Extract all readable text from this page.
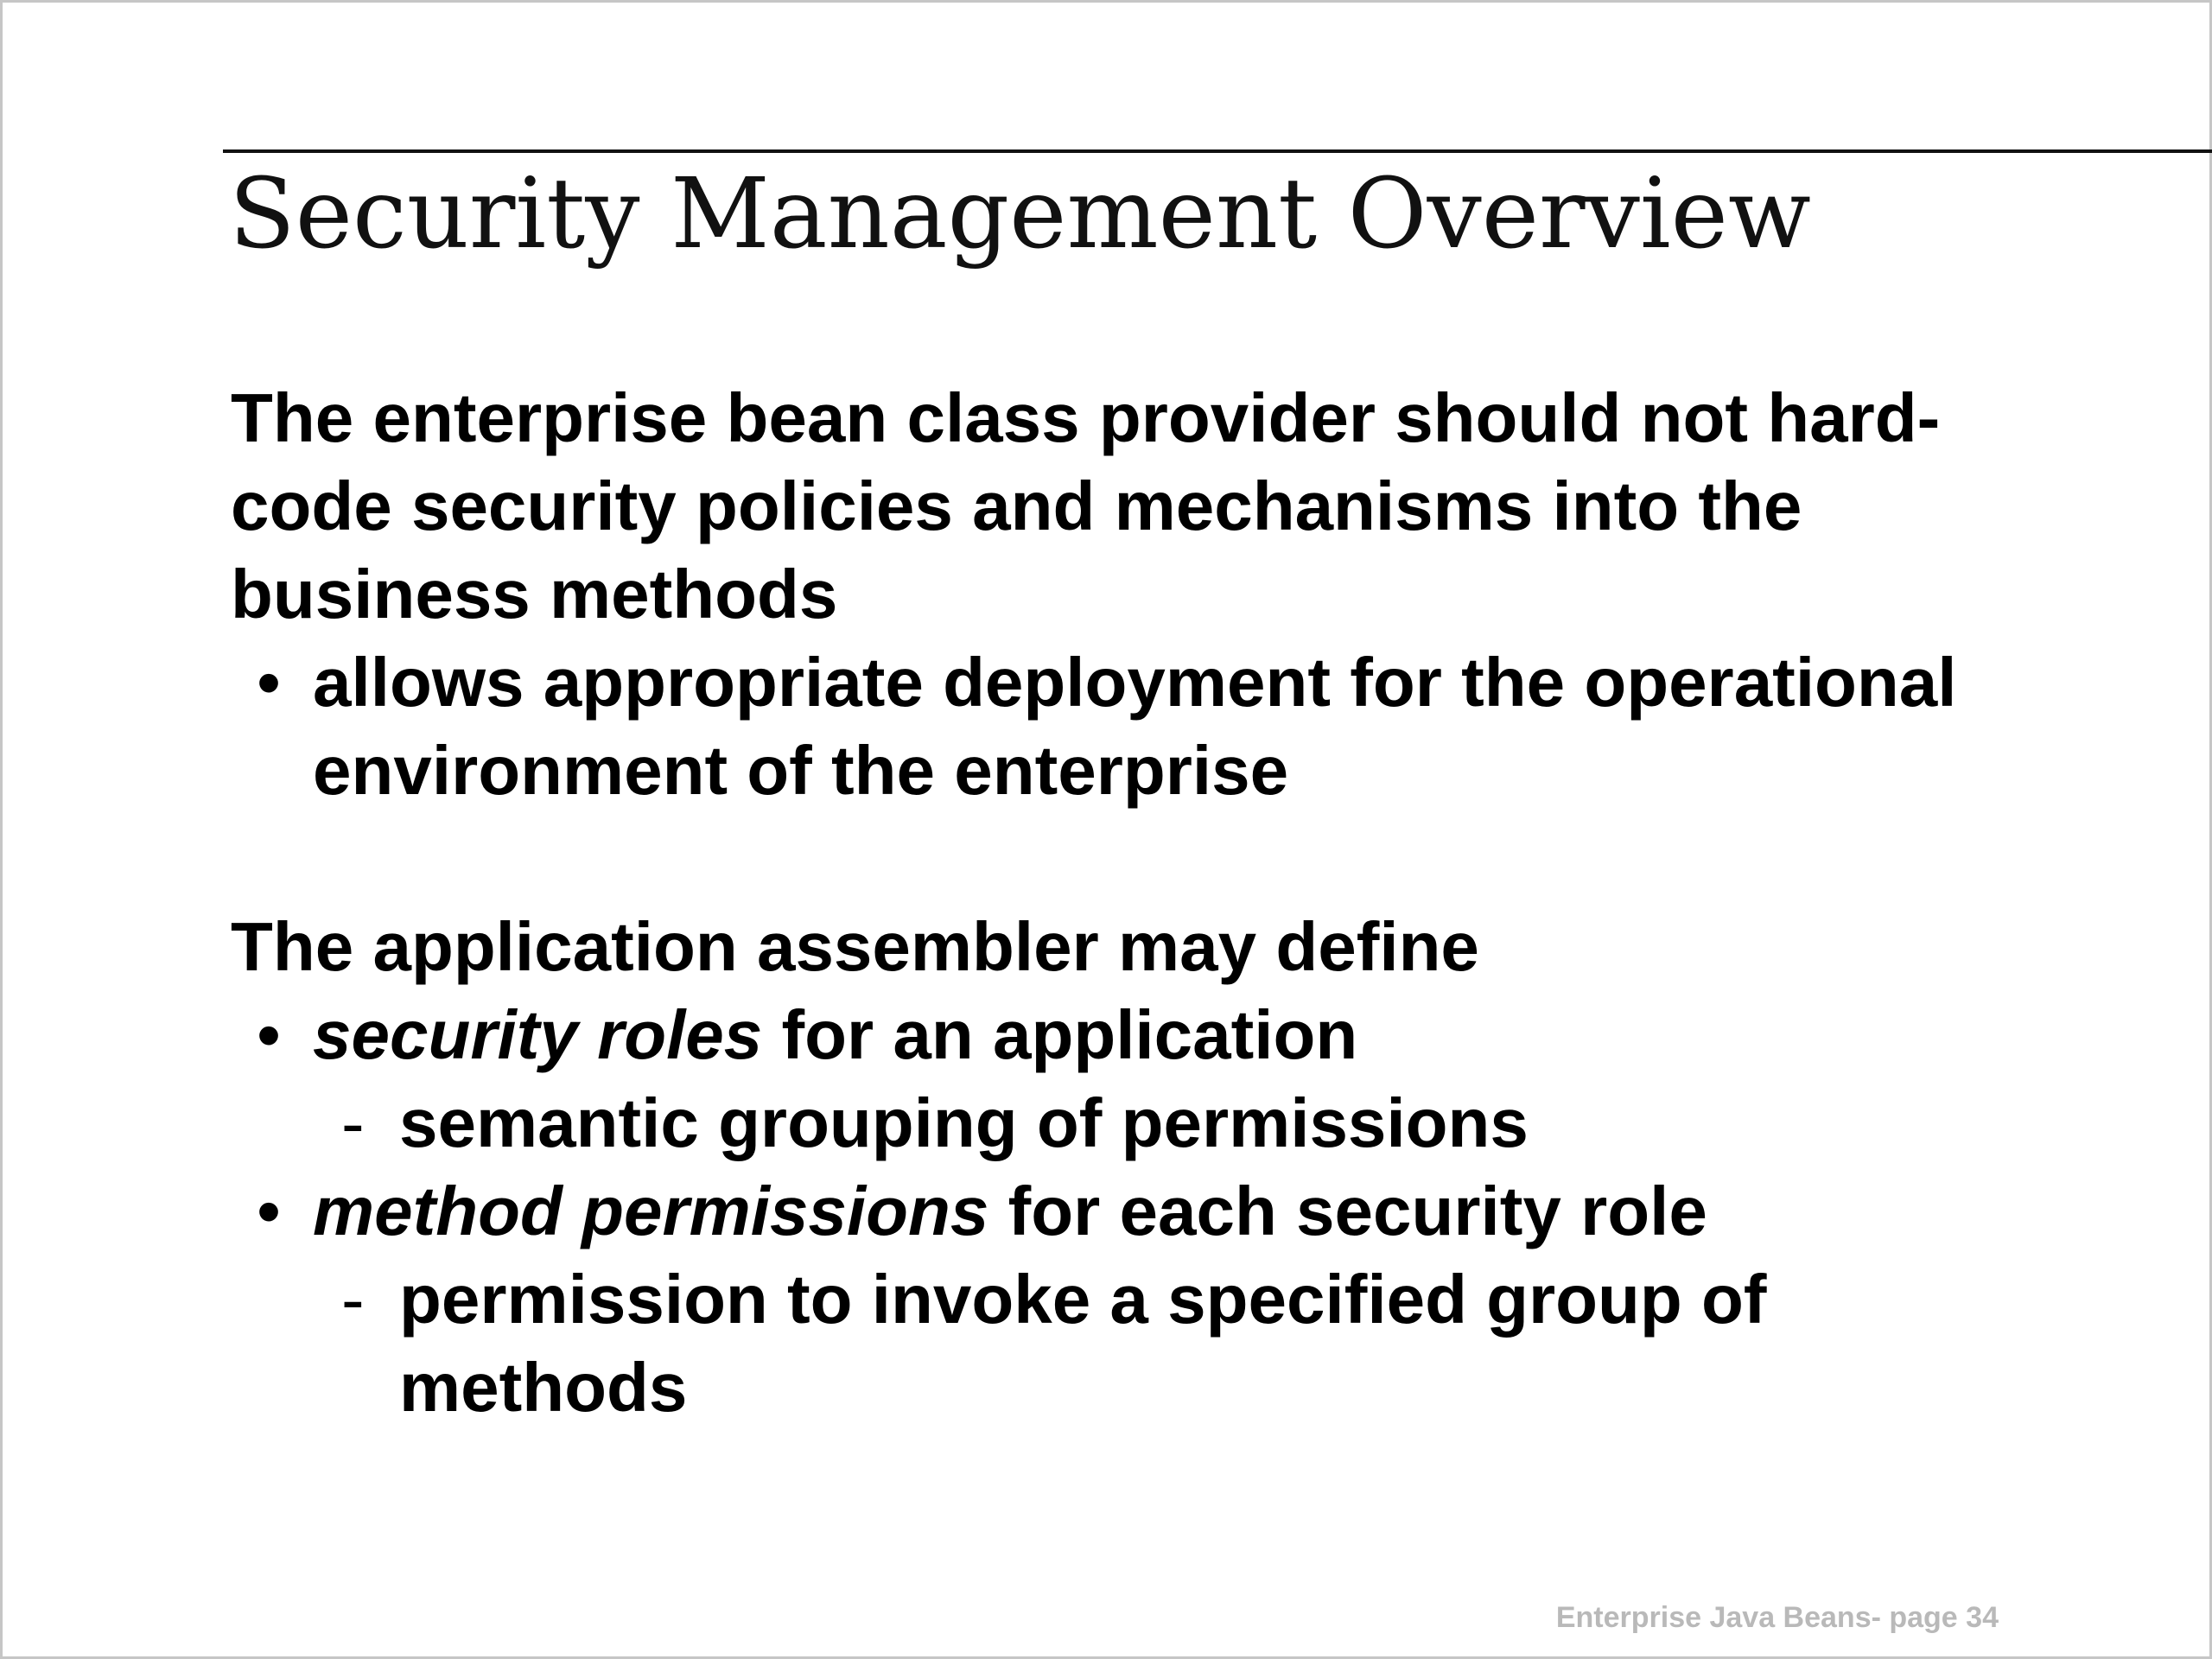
Security Management Overview

The enterprise bean class provider should not hard-code security policies and mechanisms into the business methods

• allows appropriate deployment for the operational environment of the enterprise

The application assembler may define

• security roles for an application
- semantic grouping of permissions
• method permissions for each security role
- permission to invoke a specified group of methods
Enterprise Java Beans- page 34
